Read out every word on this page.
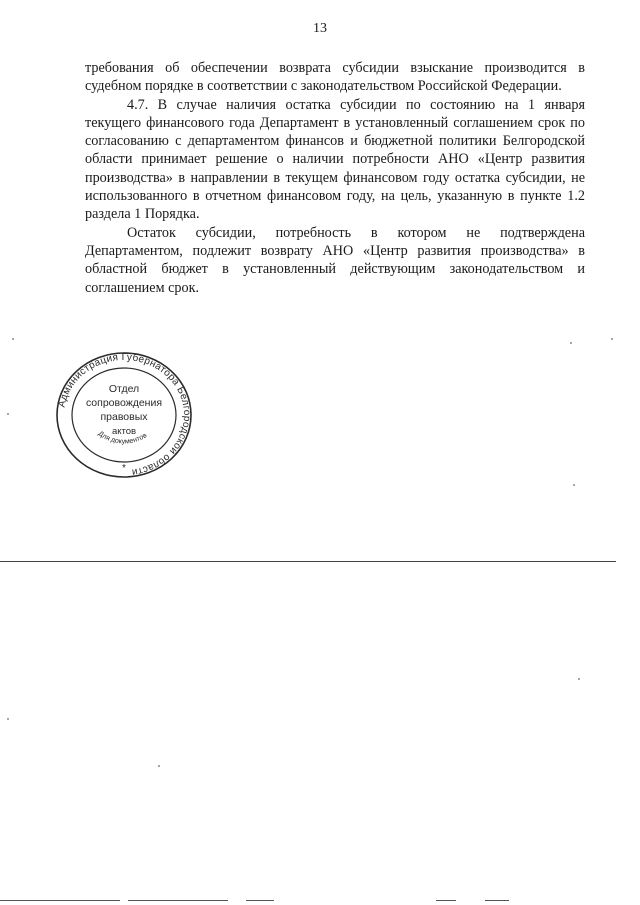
13

требования об обеспечении возврата субсидии взыскание производится в судебном порядке в соответствии с законодательством Российской Федерации.

4.7. В случае наличия остатка субсидии по состоянию на 1 января текущего финансового года Департамент в установленный соглашением срок по согласованию с департаментом финансов и бюджетной политики Белгородской области принимает решение о наличии потребности АНО «Центр развития производства» в направлении в текущем финансовом году остатка субсидии, не использованного в отчетном финансовом году, на цель, указанную в пункте 1.2 раздела 1 Порядка.

Остаток субсидии, потребность в котором не подтверждена Департаментом, подлежит возврату АНО «Центр развития производства» в областной бюджет в установленный действующим законодательством и соглашением срок.

Администрация Губернатора Белгородской области
Для документов
Отдел
сопровождения
правовых
актов
*
